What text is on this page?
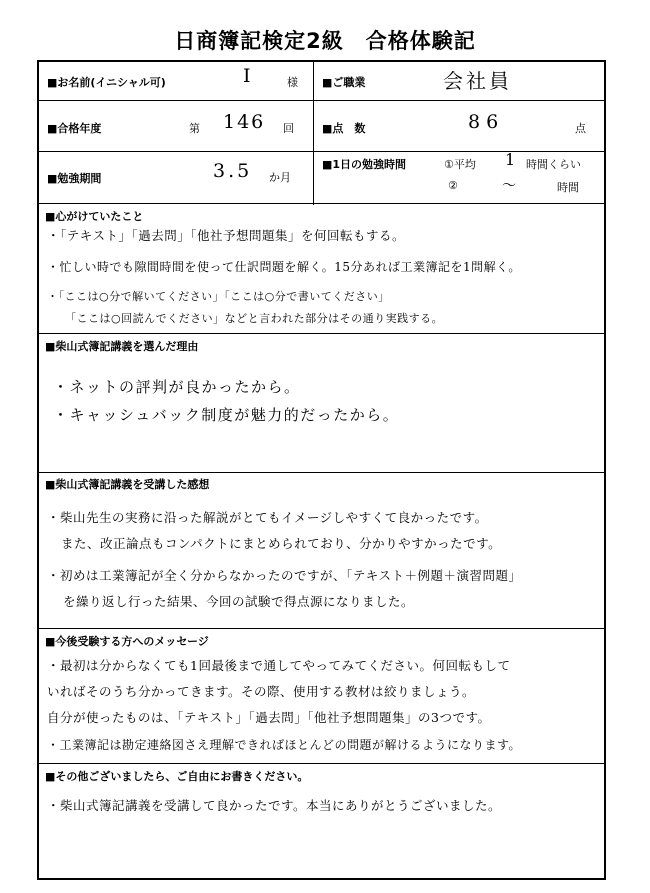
日商簿記検定2級　合格体験記
■お名前(イニシャル可)	I	様 ■ご職業	会社員
■合格年度	第 146 回	■点　数	86	点
■勉強期間	3.5 か月
■1日の勉強時間	①平均 1 時間くらい
②	～	時間
■心がけていたこと
・「テキスト」「過去問」「他社予想問題集」を何回転もする。
・忙しい時でも隙間時間を使って仕訳問題を解く。15分あれば工業簿記を1問解く。
・「ここは○分で解いてください」「ここは○分で書いてください」
「ここは○回読んでください」などと言われた部分はその通り実践する。
■柴山式簿記講義を選んだ理由
・ネットの評判が良かったから。
・キャッシュバック制度が魅力的だったから。
■柴山式簿記講義を受講した感想
・柴山先生の実務に沿った解説がとてもイメージしやすくて良かったです。
また、改正論点もコンパクトにまとめられており、分かりやすかったです。
・初めは工業簿記が全く分からなかったのですが、「テキスト＋例題＋演習問題」
を繰り返し行った結果、今回の試験で得点源になりました。
■今後受験する方へのメッセージ
・最初は分からなくても1回最後まで通してやってみてください。何回転もして
いればそのうち分かってきます。その際、使用する教材は絞りましょう。
自分が使ったものは、「テキスト」「過去問」「他社予想問題集」の3つです。
・工業簿記は勘定連絡図さえ理解できればほとんどの問題が解けるようになります。
■その他ございましたら、ご自由にお書きください。
・柴山式簿記講義を受講して良かったです。本当にありがとうございました。
